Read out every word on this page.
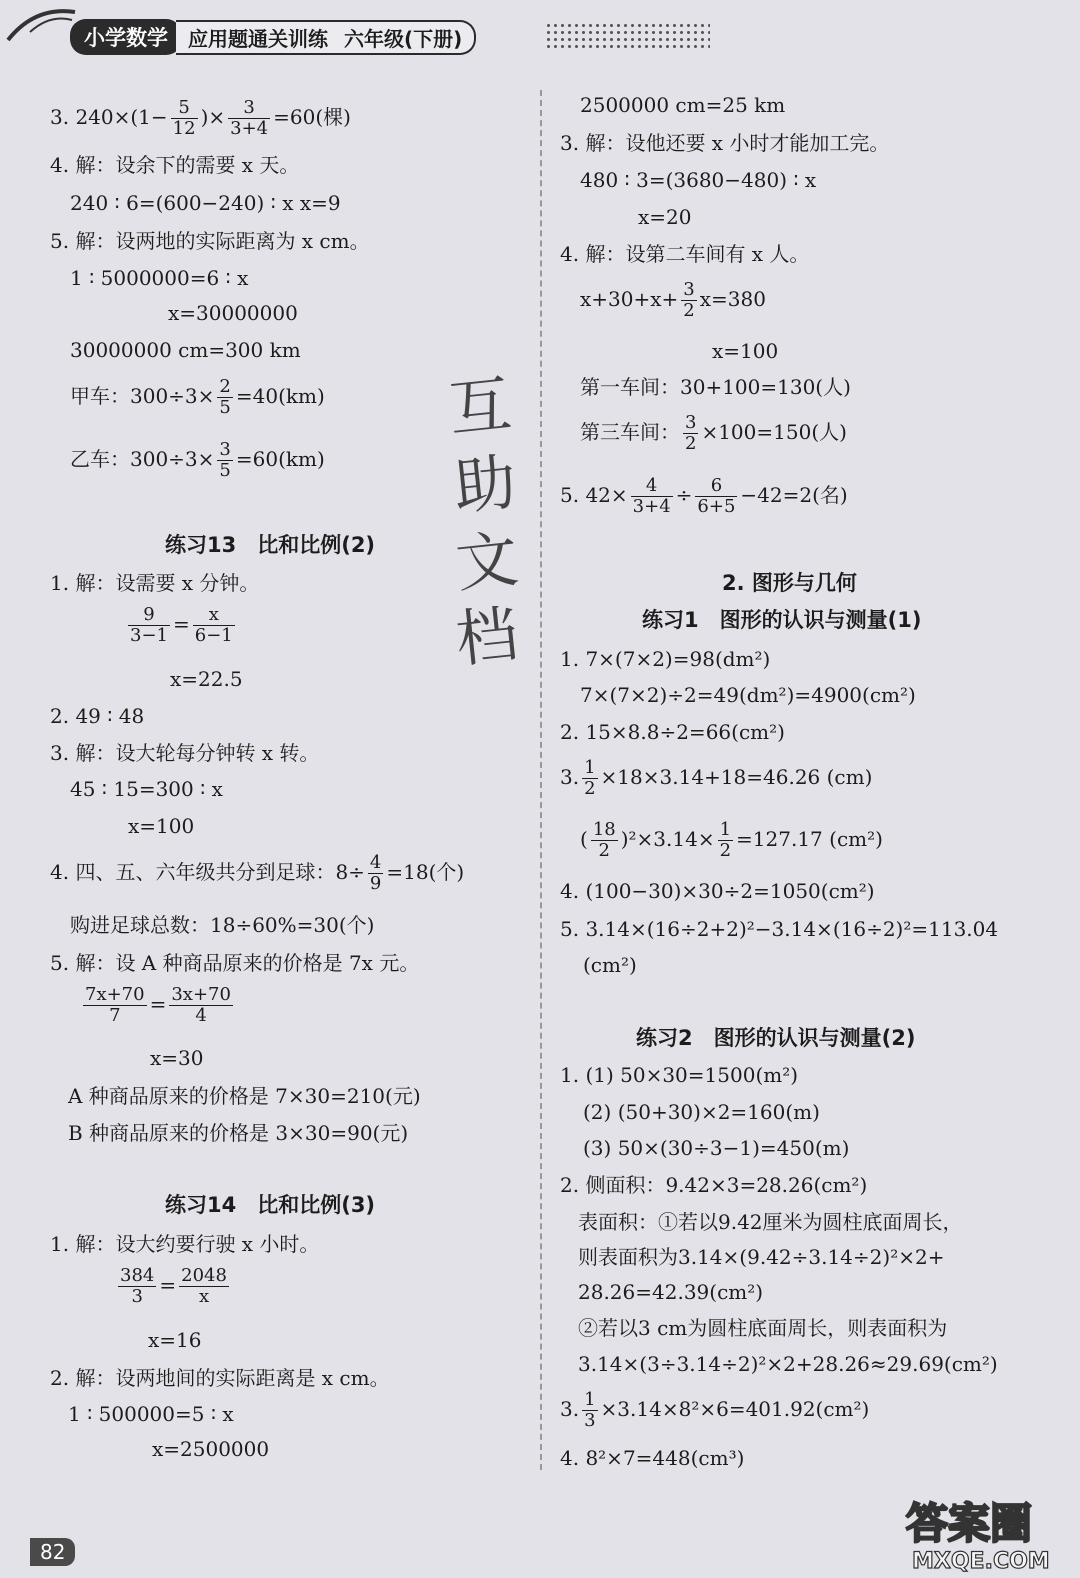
小学数学	应用题通关训练 六年级(下册)
3. $240\times(1- \frac{5}{12}$ )× $\frac{3}{3+4} =60$(棵)
4. 解：设余下的需要 x 天。
240 ∶ 6=(600−240) ∶ x x=9
5. 解：设两地的实际距离为 x cm。
1 ∶ 5000000=6 ∶ x
x=30000000
30000000 cm=300 km
甲车：$300\div 3\times \frac{2}{5} =40(km)$
乙车：$300\div 3\times \frac{3}{5} =60(km)$
练习13　比和比例(2)
1. 解：设需要 x 分钟。
$\frac{9}{3-1} = \frac{x}{6-1}$
x=22.5
2. 49 ∶ 48
3. 解：设大轮每分钟转 x 转。
45 ∶ 15=300 ∶ x
x=100
4. 四、五、六年级共分到足球：$8\div \frac{4}{9} =18$(个)
购进足球总数：18÷60%=30(个)
5. 解：设 A 种商品原来的价格是 7x 元。
$\frac{7x+70}{7} = \frac{3x+70}{4}$
x=30
A 种商品原来的价格是 7×30=210(元)
B 种商品原来的价格是 3×30=90(元)
练习14　比和比例(3)
1. 解：设大约要行驶 x 小时。
$\frac{384}{3} = \frac{2048}{x}$
x=16
2. 解：设两地间的实际距离是 x cm。
1 ∶ 500000=5 ∶ x
x=2500000
互
助
文
档
2500000 cm=25 km
3. 解：设他还要 x 小时才能加工完。
480 ∶ 3=(3680−480) ∶ x
x=20
4. 解：设第二车间有 x 人。
$x+30+x+ \frac{3}{2} x=380$
x=100
第一车间：30+100=130(人)
第三车间： $\frac{3}{2} \times 100=150$(人)
5. $42\times \frac{4}{3+4} \div \frac{6}{6+5} -42=2$(名)
2. 图形与几何
练习1　图形的认识与测量(1)
1. 7×(7×2)=98(dm²)
7×(7×2)÷2=49(dm²)=4900(cm²)
2. 15×8.8÷2=66(cm²)
3. $\frac{1}{2} \times 18\times 3.14+18=46.26$ (cm)
( $\frac{18}{2} )^2\times 3.14\times \frac{1}{2} =127.17$ (cm²)
4. (100−30)×30÷2=1050(cm²)
5. 3.14×(16÷2+2)²−3.14×(16÷2)²=113.04
(cm²)
练习2　图形的认识与测量(2)
1. (1) 50×30=1500(m²)
(2) (50+30)×2=160(m)
(3) 50×(30÷3−1)=450(m)
2. 侧面积：9.42×3=28.26(cm²)
表面积：①若以9.42厘米为圆柱底面周长，
则表面积为3.14×(9.42÷3.14÷2)²×2+
28.26=42.39(cm²)
②若以3 cm为圆柱底面周长，则表面积为
3.14×(3÷3.14÷2)²×2+28.26≈29.69(cm²)
3. $\frac{1}{3} \times 3.14\times 8^2\times 6=401.92(cm^2)$
4. 8²×7=448(cm³)
82
答案圈
MXQE.COM
